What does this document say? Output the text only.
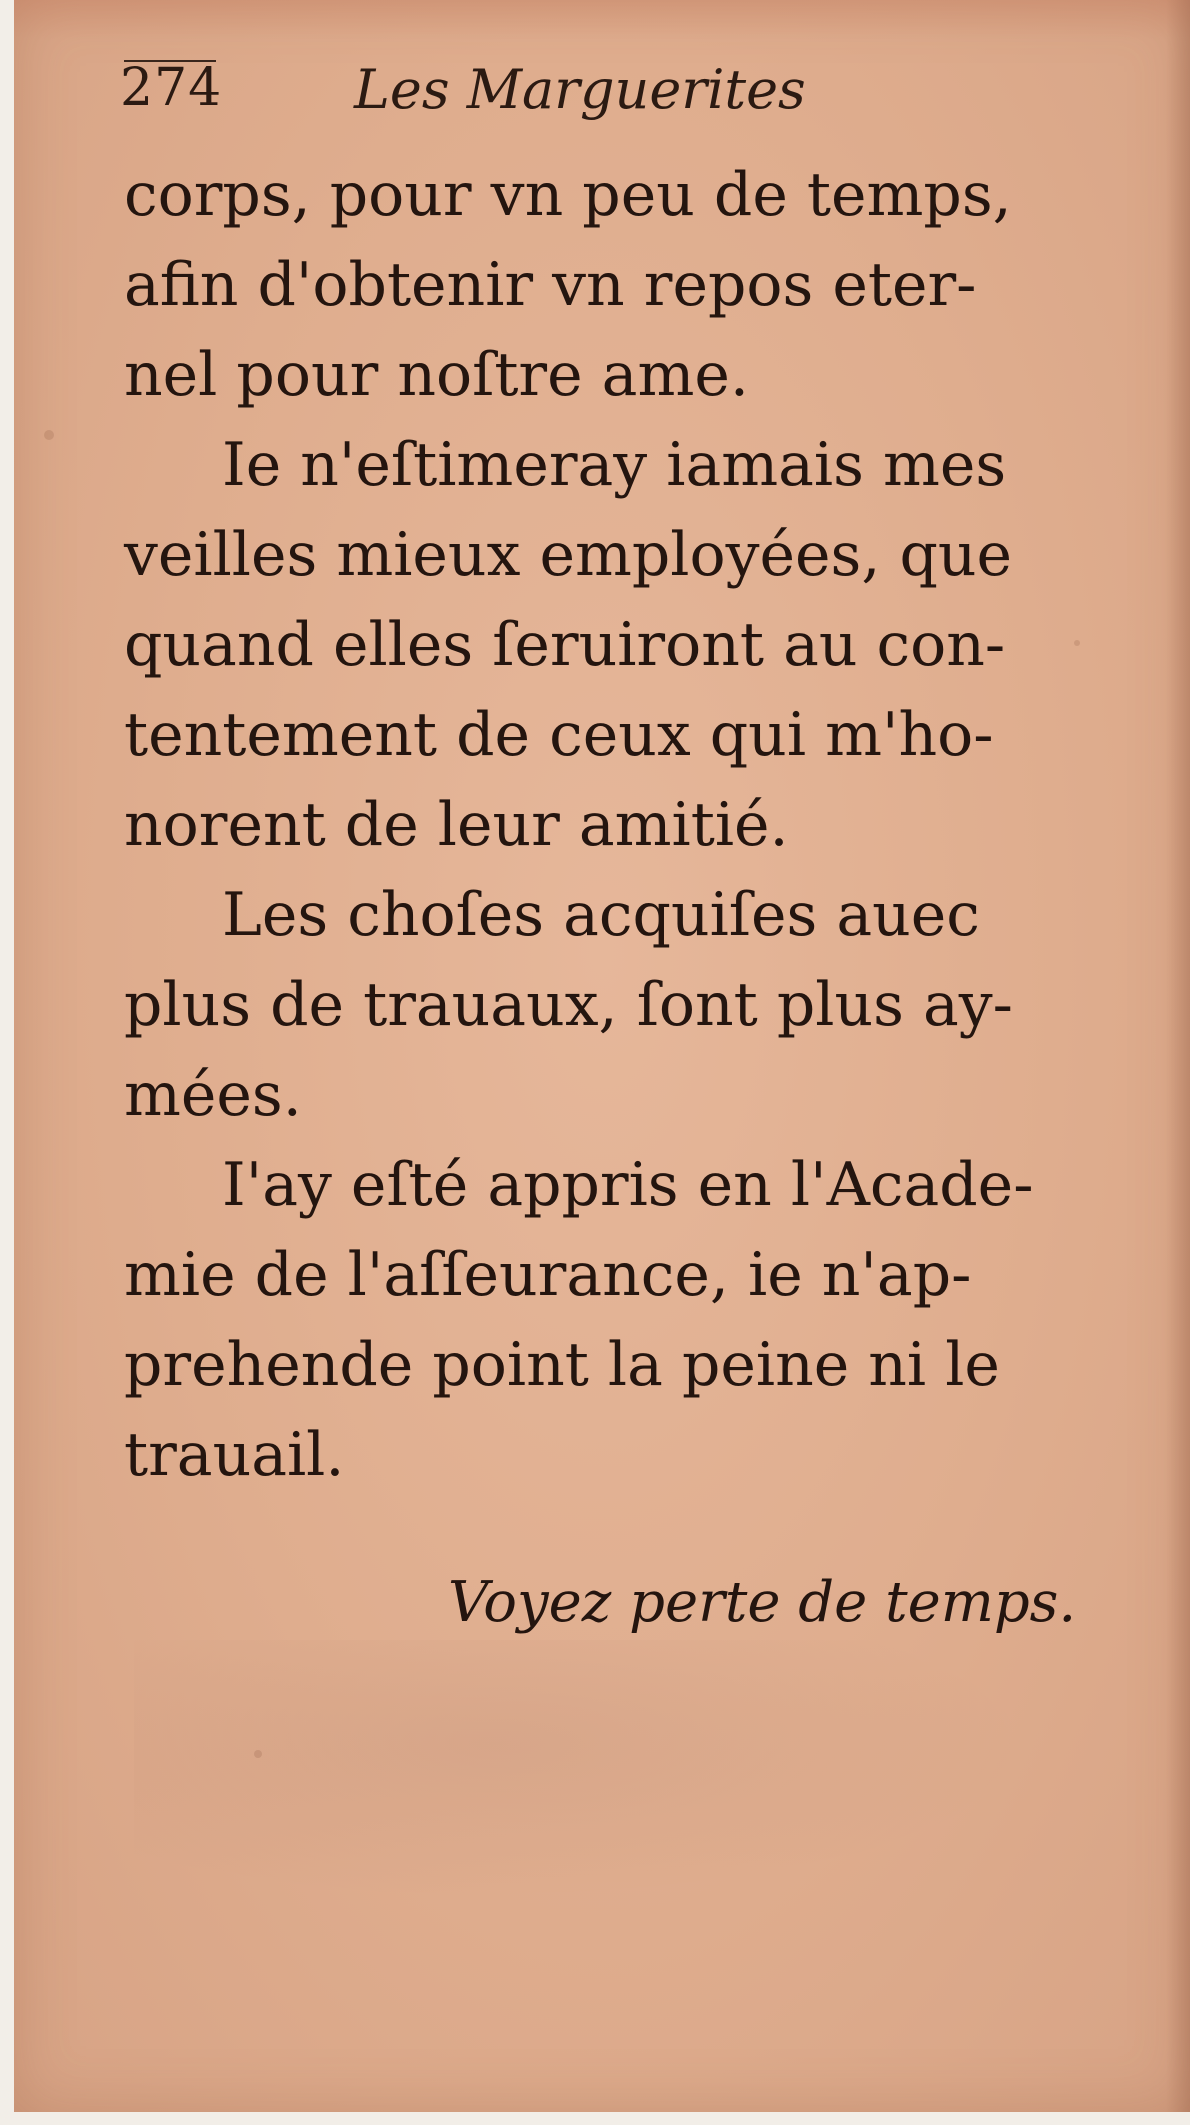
274 Les Marguerites
corps, pour vn peu de temps,
afin d'obtenir vn repos eter-
nel pour noſtre ame.
Ie n'eſtimeray iamais mes
veilles mieux employées, que
quand elles ſeruiront au con-
tentement de ceux qui m'ho-
norent de leur amitié.
Les choſes acquiſes auec
plus de trauaux, ſont plus ay-
mées.
I'ay eſté appris en l'Acade-
mie de l'aſſeurance, ie n'ap-
prehende point la peine ni le
trauail.
Voyez perte de temps.
